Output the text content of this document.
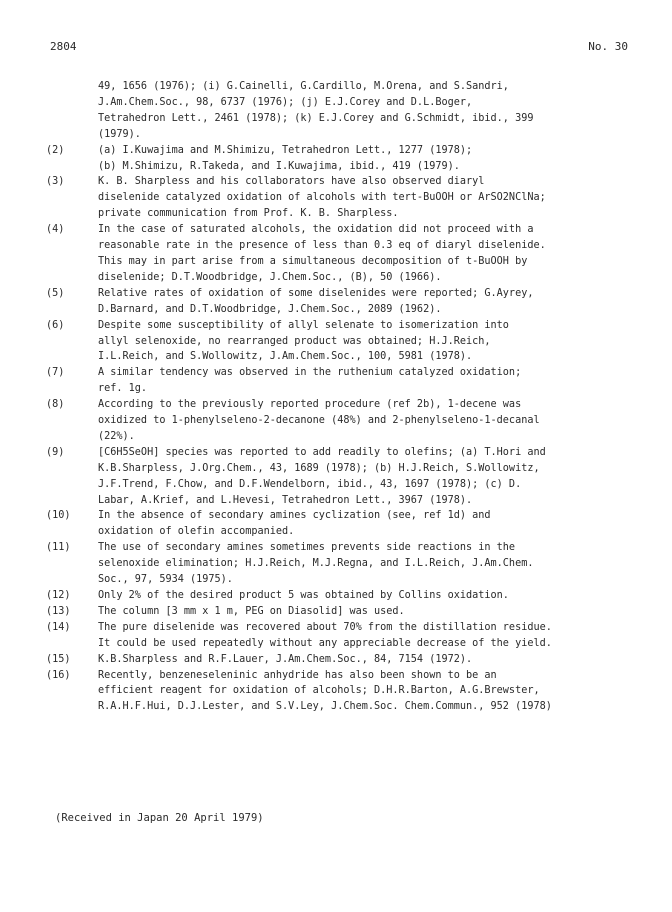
2804	No. 30
49, 1656 (1976); (i) G.Cainelli, G.Cardillo, M.Orena, and S.Sandri,
J.Am.Chem.Soc., 98, 6737 (1976); (j) E.J.Corey and D.L.Boger,
Tetrahedron Lett., 2461 (1978); (k) E.J.Corey and G.Schmidt, ibid., 399
(1979).
(2)	(a) I.Kuwajima and M.Shimizu, Tetrahedron Lett., 1277 (1978);
(b) M.Shimizu, R.Takeda, and I.Kuwajima, ibid., 419 (1979).
(3)	K. B. Sharpless and his collaborators have also observed diaryl
diselenide catalyzed oxidation of alcohols with tert-BuOOH or ArSO2NClNa;
private communication from Prof. K. B. Sharpless.
(4)	In the case of saturated alcohols, the oxidation did not proceed with a
reasonable rate in the presence of less than 0.3 eq of diaryl diselenide.
This may in part arise from a simultaneous decomposition of t-BuOOH by
diselenide; D.T.Woodbridge, J.Chem.Soc., (B), 50 (1966).
(5)	Relative rates of oxidation of some diselenides were reported; G.Ayrey,
D.Barnard, and D.T.Woodbridge, J.Chem.Soc., 2089 (1962).
(6)	Despite some susceptibility of allyl selenate to isomerization into
allyl selenoxide, no rearranged product was obtained; H.J.Reich,
I.L.Reich, and S.Wollowitz, J.Am.Chem.Soc., 100, 5981 (1978).
(7)	A similar tendency was observed in the ruthenium catalyzed oxidation;
ref. 1g.
(8)	According to the previously reported procedure (ref 2b), 1-decene was
oxidized to 1-phenylseleno-2-decanone (48%) and 2-phenylseleno-1-decanal
(22%).
(9)	[C6H5SeOH] species was reported to add readily to olefins; (a) T.Hori and
K.B.Sharpless, J.Org.Chem., 43, 1689 (1978); (b) H.J.Reich, S.Wollowitz,
J.F.Trend, F.Chow, and D.F.Wendelborn, ibid., 43, 1697 (1978); (c) D.
Labar, A.Krief, and L.Hevesi, Tetrahedron Lett., 3967 (1978).
(10)	In the absence of secondary amines cyclization (see, ref 1d) and
oxidation of olefin accompanied.
(11)	The use of secondary amines sometimes prevents side reactions in the
selenoxide elimination; H.J.Reich, M.J.Regna, and I.L.Reich, J.Am.Chem.
Soc., 97, 5934 (1975).
(12)	Only 2% of the desired product 5 was obtained by Collins oxidation.
(13)	The column [3 mm x 1 m, PEG on Diasolid] was used.
(14)	The pure diselenide was recovered about 70% from the distillation residue.
It could be used repeatedly without any appreciable decrease of the yield.
(15)	K.B.Sharpless and R.F.Lauer, J.Am.Chem.Soc., 84, 7154 (1972).
(16)	Recently, benzeneseleninic anhydride has also been shown to be an
efficient reagent for oxidation of alcohols; D.H.R.Barton, A.G.Brewster,
R.A.H.F.Hui, D.J.Lester, and S.V.Ley, J.Chem.Soc. Chem.Commun., 952 (1978)
(Received in Japan 20 April 1979)
